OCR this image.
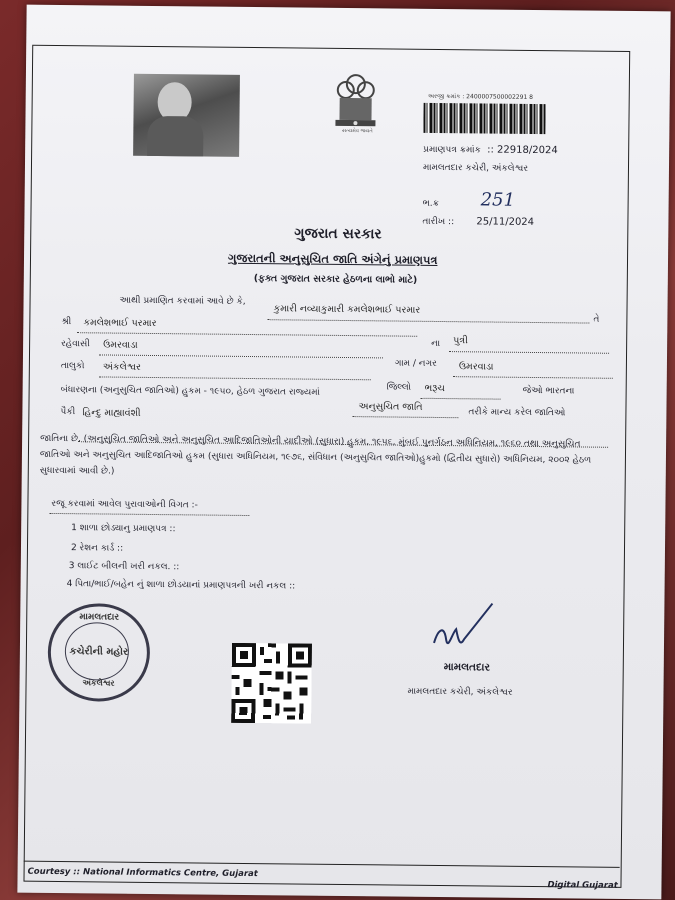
સત્યમેવ જયતે
અરજી ક્રમાંક : 2400007500002291 8
પ્રમાણપત્ર ક્રમાંક :: 22918/2024
મામલતદાર કચેરી, અંકલેશ્વર
ભ.ક્ર 251
તારીખ :: 25/11/2024
ગુજરાત સરકાર
ગુજરાતની અનુસુચિત જાતિ અંગેનું પ્રમાણપત્ર
(ફક્ત ગુજરાત સરકાર હેઠળના લાભો માટે)
આથી પ્રમાણિત કરવામાં આવે છે કે,
કુમારી નવ્યાકુમારી કમલેશભાઈ પરમાર
તે
શ્રી કમલેશભાઈ પરમાર
ના પુત્રી
રહેવાસી ઉમરવાડા
ગામ / નગર ઉમરવાડા
તાલુકો અંકલેશ્વર
જિલ્લો ભરૂચ	જેઓ ભારતના
બંધારણના (અનુસુચિત જાતિઓ) હુકમ - ૧૯૫૦, હેઠળ ગુજરાત રાજ્યમાં
અનુસુચિત જાતિ	તરીકે માન્ય કરેલ જાતિઓ
પૈકી હિન્દુ માહ્યાવંશી
જાતિના છે. (અનુસુચિત જાતિઓ અને અનુસુચિત આદિજાતિઓની યાદીઓ (સુધારા) હુકમ, ૧૯૫૬, મુંબઈ પુનર્ગઠન અધિનિયમ, ૧૯૬૦ તથા અનુસુચિત જાતિઓ અને અનુસુચિત આદિજાતિઓ હુકમ (સુધારા અધિનિયમ, ૧૯૭૬, સંવિધાન (અનુસુચિત જાતિઓ)હુકમો (દ્વિતીય સુધારો) અધિનિયમ, ૨૦૦૨ હેઠળ સુધારવામાં આવી છે.)
રજૂ કરવામાં આવેલ પુરાવાઓની વિગત :-
1 શાળા છોડ્યાનુ પ્રમાણપત્ર ::
2 રેશન કાર્ડ ::
3 લાઈટ બીલની ખરી નકલ. ::
4 પિતા/ભાઈ/બહેન નું શાળા છોડયાનાં પ્રમાણપત્રની ખરી નકલ ::
મામલતદાર
કચેરીની મહોર
અંકલેશ્વર
મામલતદાર
મામલતદાર કચેરી, અંકલેશ્વર
Courtesy :: National Informatics Centre, Gujarat
Digital Gujarat
